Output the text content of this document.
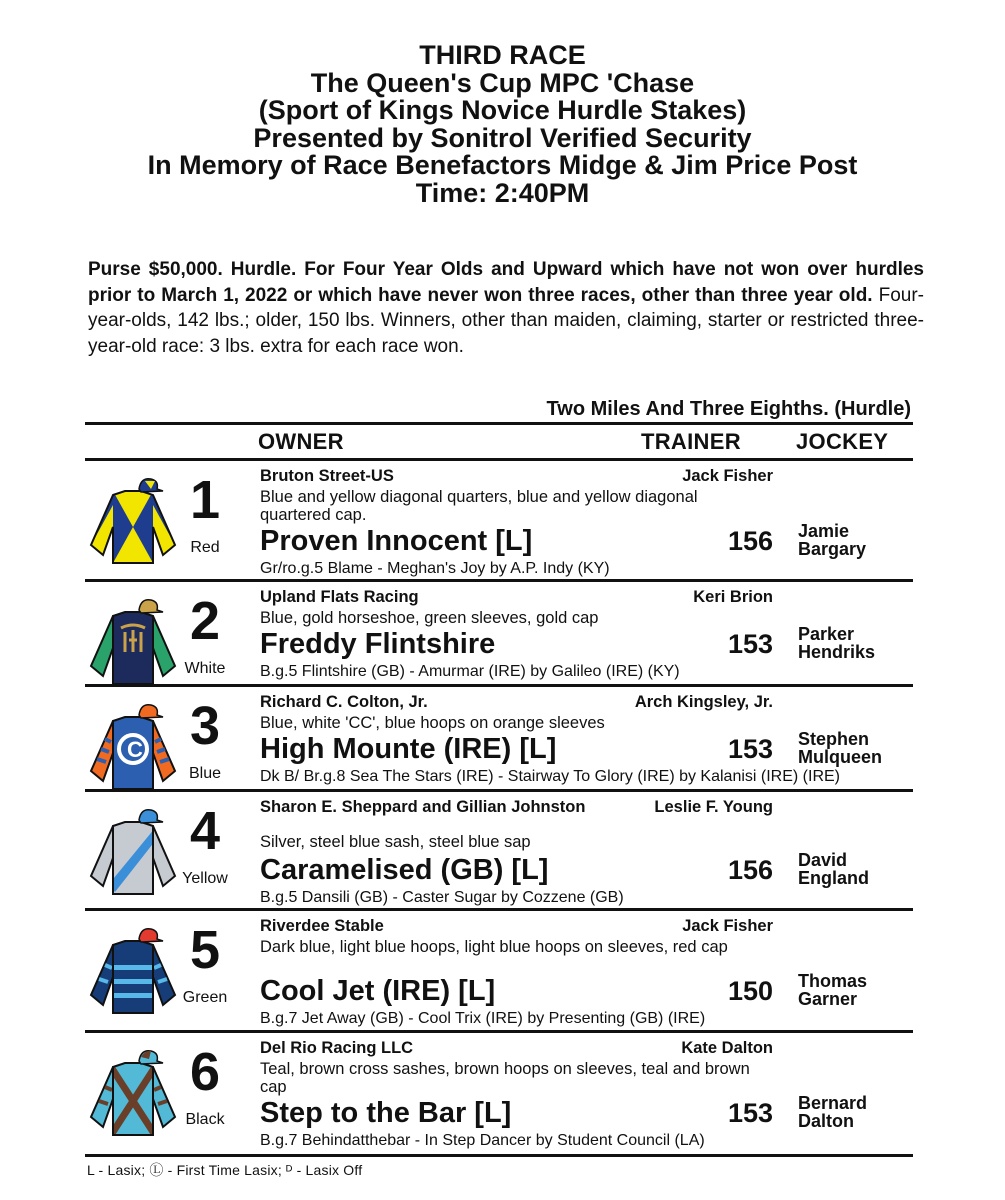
THIRD RACE
The Queen's Cup MPC 'Chase
(Sport of Kings Novice Hurdle Stakes)
Presented by Sonitrol Verified Security
In Memory of Race Benefactors Midge & Jim Price Post
Time: 2:40PM
Purse $50,000. Hurdle. For Four Year Olds and Upward which have not won over hurdles prior to March 1, 2022 or which have never won three races, other than three year old. Four-year-olds, 142 lbs.; older, 150 lbs. Winners, other than maiden, claiming, starter or restricted three-year-old race: 3 lbs. extra for each race won.
Two Miles And Three Eighths. (Hurdle)
OWNER	TRAINER	JOCKEY
1
Red
Bruton Street-US	Jack Fisher
Blue and yellow diagonal quarters, blue and yellow diagonal quartered cap.
Proven Innocent [L]	156 Jamie Bargary
Gr/ro.g.5 Blame - Meghan's Joy by A.P. Indy (KY)
2
White
Upland Flats Racing	Keri Brion
Blue, gold horseshoe, green sleeves, gold cap
Freddy Flintshire	153 Parker Hendriks
B.g.5 Flintshire (GB) - Amurmar (IRE) by Galileo (IRE) (KY)
C 3
Blue
Richard C. Colton, Jr.	Arch Kingsley, Jr.
Blue, white 'CC', blue hoops on orange sleeves
High Mounte (IRE) [L]	153 Stephen Mulqueen
Dk B/ Br.g.8 Sea The Stars (IRE) - Stairway To Glory (IRE) by Kalanisi (IRE) (IRE)
4
Yellow
Sharon E. Sheppard and Gillian Johnston	Leslie F. Young
Silver, steel blue sash, steel blue sap
Caramelised (GB) [L]	156 David England
B.g.5 Dansili (GB) - Caster Sugar by Cozzene (GB)
5
Green
Riverdee Stable	Jack Fisher
Dark blue, light blue hoops, light blue hoops on sleeves, red cap
Cool Jet (IRE) [L]	150 Thomas Garner
B.g.7 Jet Away (GB) - Cool Trix (IRE) by Presenting (GB) (IRE)
6
Black
Del Rio Racing LLC	Kate Dalton
Teal, brown cross sashes, brown hoops on sleeves, teal and brown cap
Step to the Bar [L]	153 Bernard Dalton
B.g.7 Behindatthebar - In Step Dancer by Student Council (LA)
L - Lasix; Ⓛ - First Time Lasix; ᴰ - Lasix Off
